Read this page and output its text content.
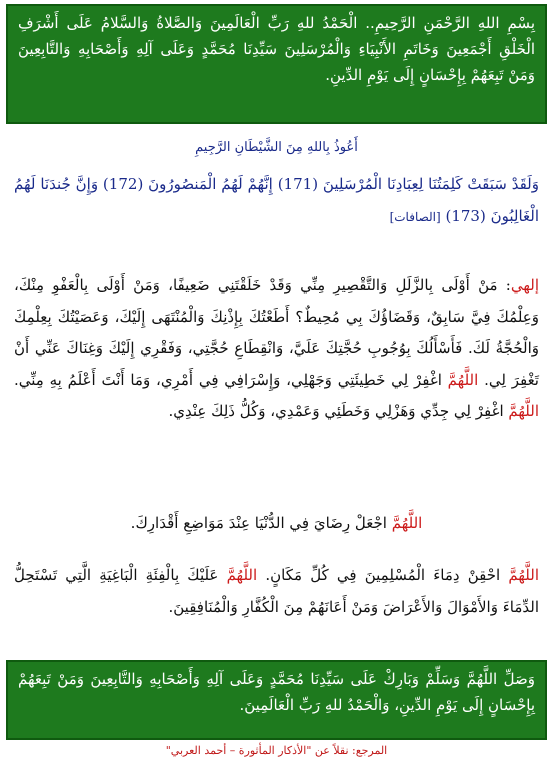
بِسْمِ اللهِ الرَّحْمَنِ الرَّحِيمِ.. الْحَمْدُ للهِ رَبِّ الْعَالَمِينَ وَالصَّلاةُ وَالسَّلامُ عَلَى أَشْرَفِ الْخَلْقِ أَجْمَعِينَ وَخَاتَمِ الأَنْبِيَاءِ وَالْمُرْسَلِينَ سَيِّدِنَا مُحَمَّدٍ وَعَلَى آلِهِ وَأَصْحَابِهِ وَالتَّابِعِينَ وَمَنْ تَبِعَهُمْ بِإِحْسَانٍ إِلَى يَوْمِ الدِّينِ.

أَعُوذُ بِاللهِ مِنَ الشَّيْطَانِ الرَّجِيمِ
وَلَقَدْ سَبَقَتْ كَلِمَتُنَا لِعِبَادِنَا الْمُرْسَلِينَ (171) إِنَّهُمْ لَهُمُ الْمَنصُورُونَ (172) وَإِنَّ جُندَنَا لَهُمُ الْغَالِبُونَ (173) [الصافات]
إلهي: مَنْ أَوْلَى بِالزَّلَلِ وَالتَّقْصِيرِ مِنِّي وَقَدْ خَلَقْتَنِي ضَعِيفًا، وَمَنْ أَوْلَى بِالْعَفْوِ مِنْكَ، وَعِلْمُكَ فِيَّ سَابِقٌ، وَقَضَاؤُكَ بِي مُحِيطٌ؟ أَطَعْتُكَ بِإِذْنِكَ وَالْمُنْتَهَى إِلَيْكَ، وَعَصَيْتُكَ بِعِلْمِكَ وَالْحُجَّةُ لَكَ. فَأَسْأَلُكَ بِوُجُوبِ حُجَّتِكَ عَلَيَّ، وَانْقِطَاعِ حُجَّتِي، وَفَقْرِي إِلَيْكَ وَغِنَاكَ عَنِّي أَنْ تَغْفِرَ لِي. اللَّهُمَّ اغْفِرْ لِي خَطِيئَتِي وَجَهْلِي، وَإِسْرَافِي فِي أَمْرِي، وَمَا أَنْتَ أَعْلَمُ بِهِ مِنِّي. اللَّهُمَّ اغْفِرْ لِي جِدِّي وَهَزْلِي وَخَطَئِي وَعَمْدِي، وَكُلُّ ذَلِكَ عِنْدِي.
اللَّهُمَّ اجْعَلْ رِضَايَ فِي الدُّنْيَا عِنْدَ مَوَاضِعِ أَقْدَارِكَ.
اللَّهُمَّ احْقِنْ دِمَاءَ الْمُسْلِمِينَ فِي كُلِّ مَكَانٍ. اللَّهُمَّ عَلَيْكَ بِالْفِئَةِ الْبَاغِيَةِ الَّتِي تَسْتَحِلُّ الدِّمَاءَ وَالأَمْوَالَ وَالأَعْرَاضَ وَمَنْ أَعَانَهُمْ مِنَ الْكُفَّارِ وَالْمُنَافِقِينَ.

وَصَلِّ اللَّهُمَّ وَسَلِّمْ وَبَارِكْ عَلَى سَيِّدِنَا مُحَمَّدٍ وَعَلَى آلِهِ وَأَصْحَابِهِ وَالتَّابِعِينَ وَمَنْ تَبِعَهُمْ بِإِحْسَانٍ إِلَى يَوْمِ الدِّينِ، وَالْحَمْدُ للهِ رَبِّ الْعَالَمِينَ.

المرجع: نقلاً عن "الأذكار المأثورة – أحمد العربي"
